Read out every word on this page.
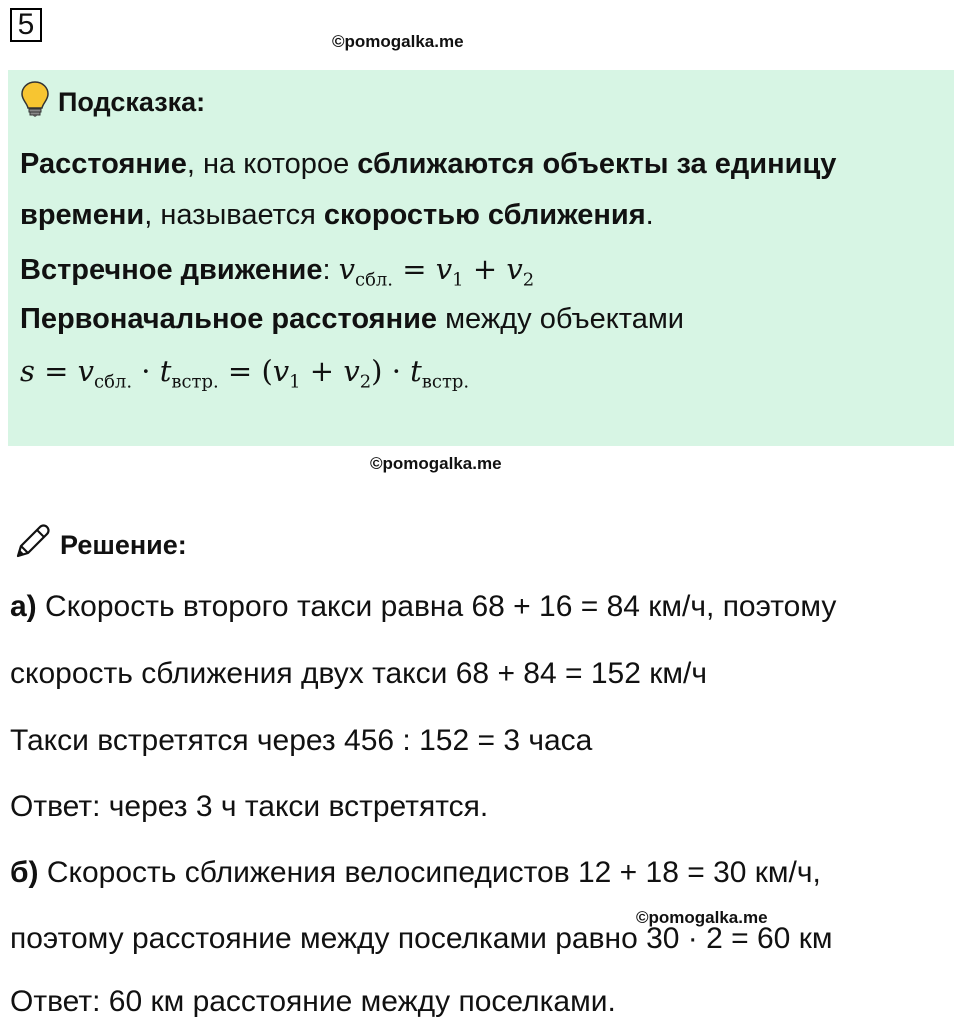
5
©pomogalka.me
Подсказка:
Расстояние, на которое сближаются объекты за единицу
времени, называется скоростью сближения.
Встречное движение: $v_{сбл.} = v_1 + v_2$
Первоначальное расстояние между объектами
$s = v_{сбл.} \cdot t_{встр.} = (v_1 + v_2) \cdot t_{встр.}$
©pomogalka.me
Решение:
а) Скорость второго такси равна 68 + 16 = 84 км/ч, поэтому
скорость сближения двух такси 68 + 84 = 152 км/ч
Такси встретятся через 456 : 152 = 3 часа
Ответ: через 3 ч такси встретятся.
б) Скорость сближения велосипедистов 12 + 18 = 30 км/ч,
©pomogalka.me
поэтому расстояние между поселками равно 30 · 2 = 60 км
Ответ: 60 км расстояние между поселками.
